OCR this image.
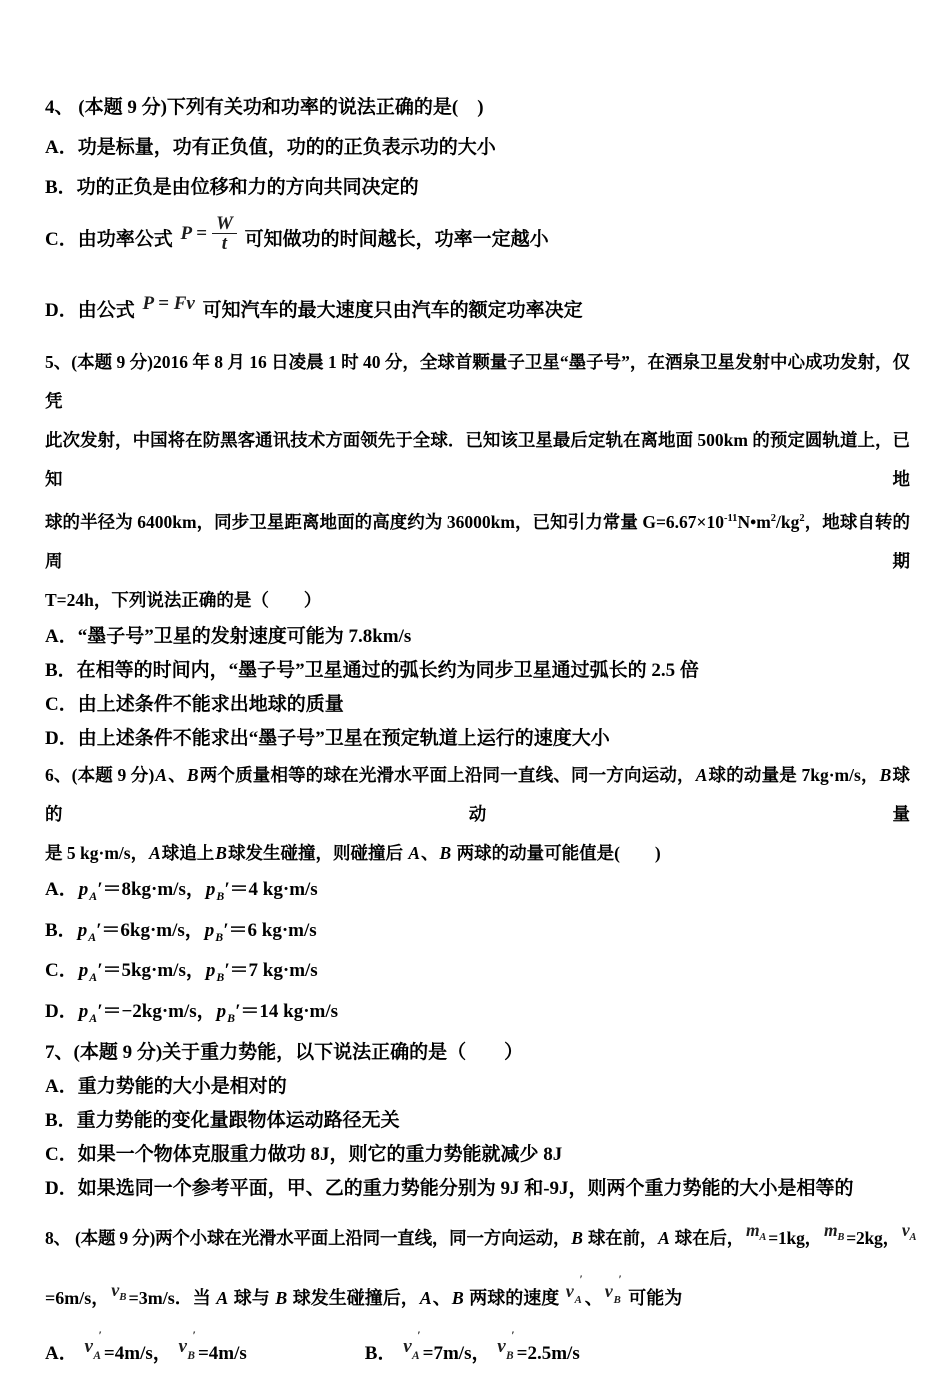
4、 (本题 9 分)下列有关功和功率的说法正确的是(　)
A．功是标量，功有正负值，功的的正负表示功的大小
B．功的正负是由位移和力的方向共同决定的
C．由功率公式 $P = \frac{W}{t}$ 可知做功的时间越长，功率一定越小
D．由公式 P = Fv 可知汽车的最大速度只由汽车的额定功率决定
5、(本题 9 分)2016 年 8 月 16 日凌晨 1 时 40 分，全球首颗量子卫星“墨子号”，在酒泉卫星发射中心成功发射，仅凭
此次发射，中国将在防黑客通讯技术方面领先于全球．已知该卫星最后定轨在离地面 500km 的预定圆轨道上，已知地
球的半径为 6400km，同步卫星距离地面的高度约为 36000km，已知引力常量 $G=6.67\times 10^{-11}N•m^2/kg^2$，地球自转的周期
T=24h，下列说法正确的是（　　）
A．“墨子号”卫星的发射速度可能为 7.8km/s
B．在相等的时间内，“墨子号”卫星通过的弧长约为同步卫星通过弧长的 2.5 倍
C．由上述条件不能求出地球的质量
D．由上述条件不能求出“墨子号”卫星在预定轨道上运行的速度大小
6、(本题 9 分)A、B两个质量相等的球在光滑水平面上沿同一直线、同一方向运动，A球的动量是 7kg·m/s，B球的动量
是 5 kg·m/s，A球追上B球发生碰撞，则碰撞后 A、B 两球的动量可能值是(　　)
A．$p_A'=8kg\cdot m/s$，$p_B'=4$ kg·m/s
B．$p_A'=6kg\cdot m/s$，$p_B'=6$ kg·m/s
C．$p_A'=5kg\cdot m/s$，$p_B'=7$ kg·m/s
D．$p_A'=-2kg\cdot m/s$，$p_B'=14$ kg·m/s
7、(本题 9 分)关于重力势能，以下说法正确的是（　　）
A．重力势能的大小是相对的
B．重力势能的变化量跟物体运动路径无关
C．如果一个物体克服重力做功 8J，则它的重力势能就减少 8J
D．如果选同一个参考平面，甲、乙的重力势能分别为 9J 和-9J，则两个重力势能的大小是相等的
8、 (本题 9 分)两个小球在光滑水平面上沿同一直线，同一方向运动，B 球在前，A 球在后， $m_A =1kg$， $m_B =2kg$， $v_A$
=6m/s， $v_B =3m/s$．当 A 球与 B 球发生碰撞后，A、B 两球的速度 v
′
A 、 v
′
B 可能为
A． v
′
A =4m/s， v
′
B =4m/s	B． v
′
A =7m/s， v
′
B =2.5m/s
